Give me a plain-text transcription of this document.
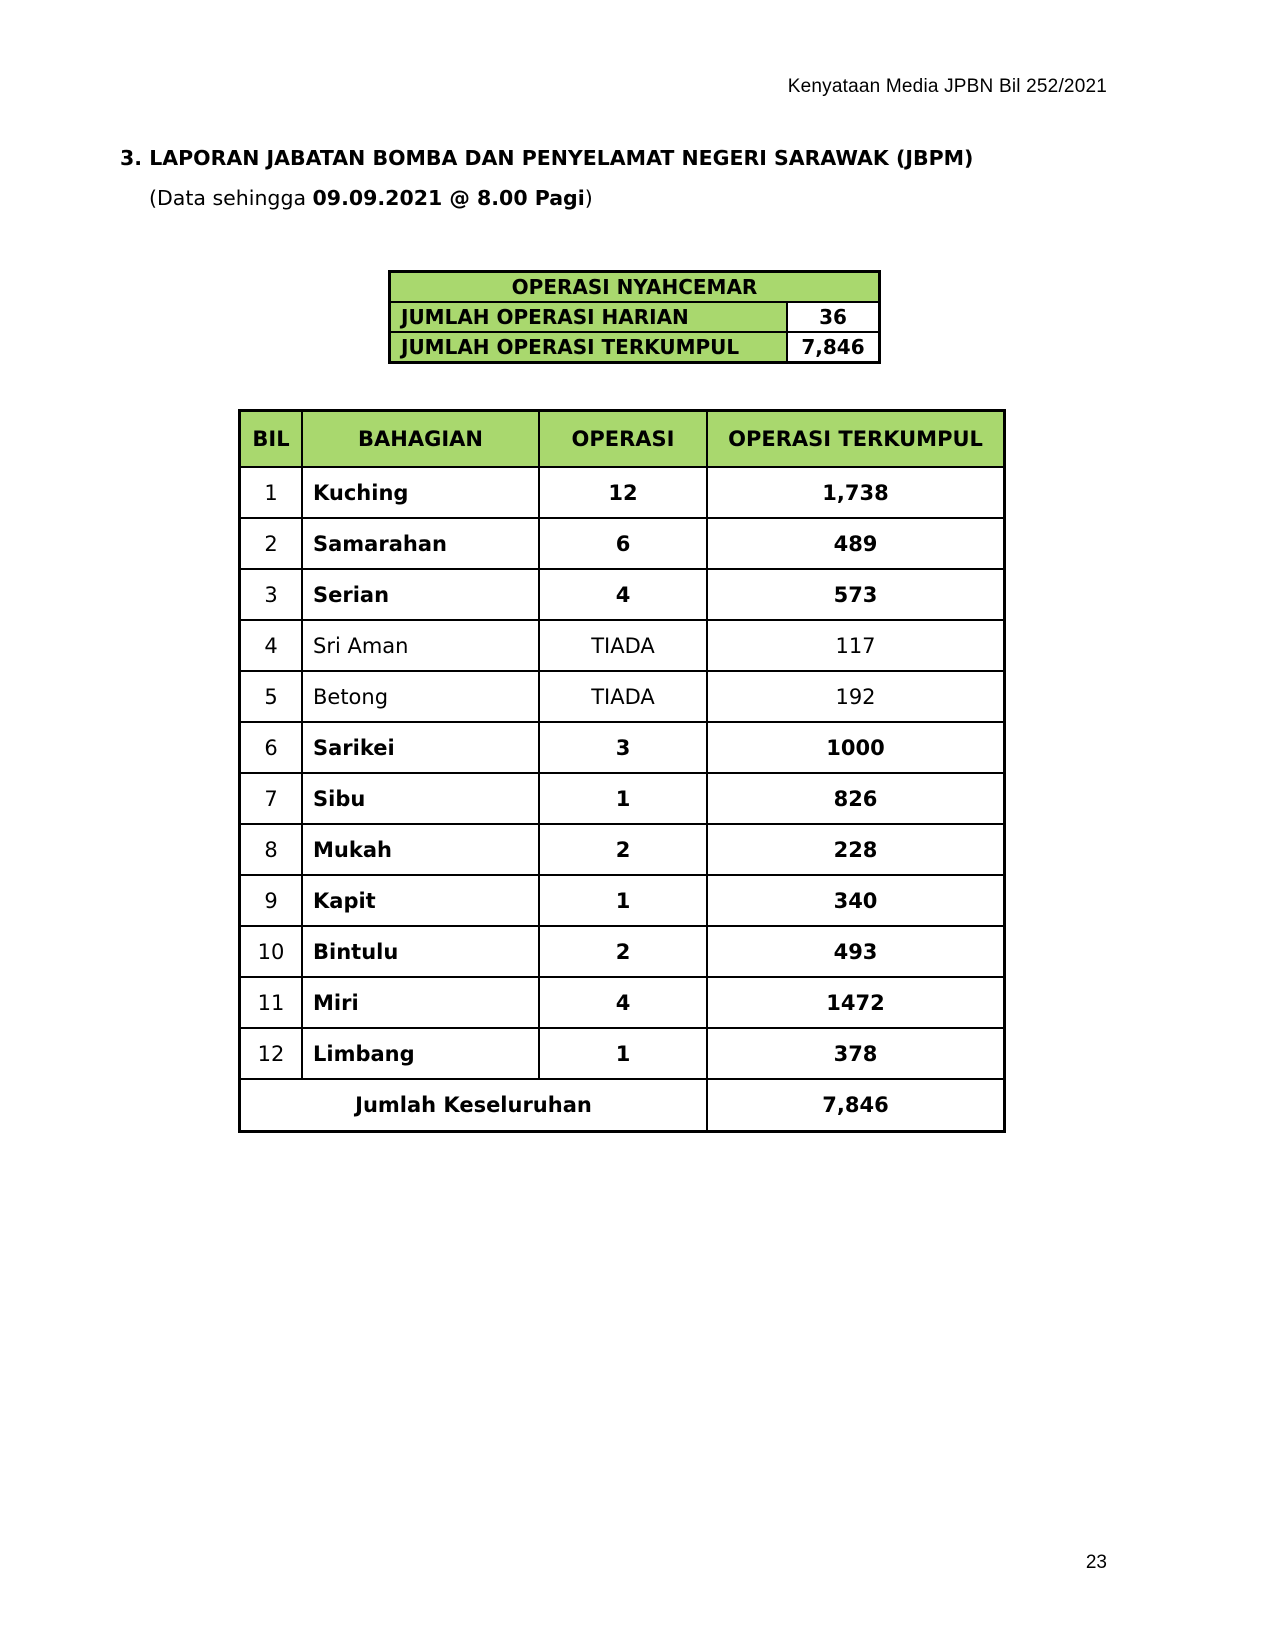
Kenyataan Media JPBN Bil 252/2021
3. LAPORAN JABATAN BOMBA DAN PENYELAMAT NEGERI SARAWAK (JBPM)
(Data sehingga 09.09.2021 @ 8.00 Pagi)
OPERASI NYAHCEMAR	
JUMLAH OPERASI HARIAN	36
JUMLAH OPERASI TERKUMPUL	7,846
BIL	BAHAGIAN	OPERASI	OPERASI TERKUMPUL
1	Kuching	12	1,738
2	Samarahan	6	489
3	Serian	4	573
4	Sri Aman	TIADA	117
5	Betong	TIADA	192
6	Sarikei	3	1000
7	Sibu	1	826
8	Mukah	2	228
9	Kapit	1	340
10	Bintulu	2	493
11	Miri	4	1472
12	Limbang	1	378
Jumlah Keseluruhan			7,846
23
